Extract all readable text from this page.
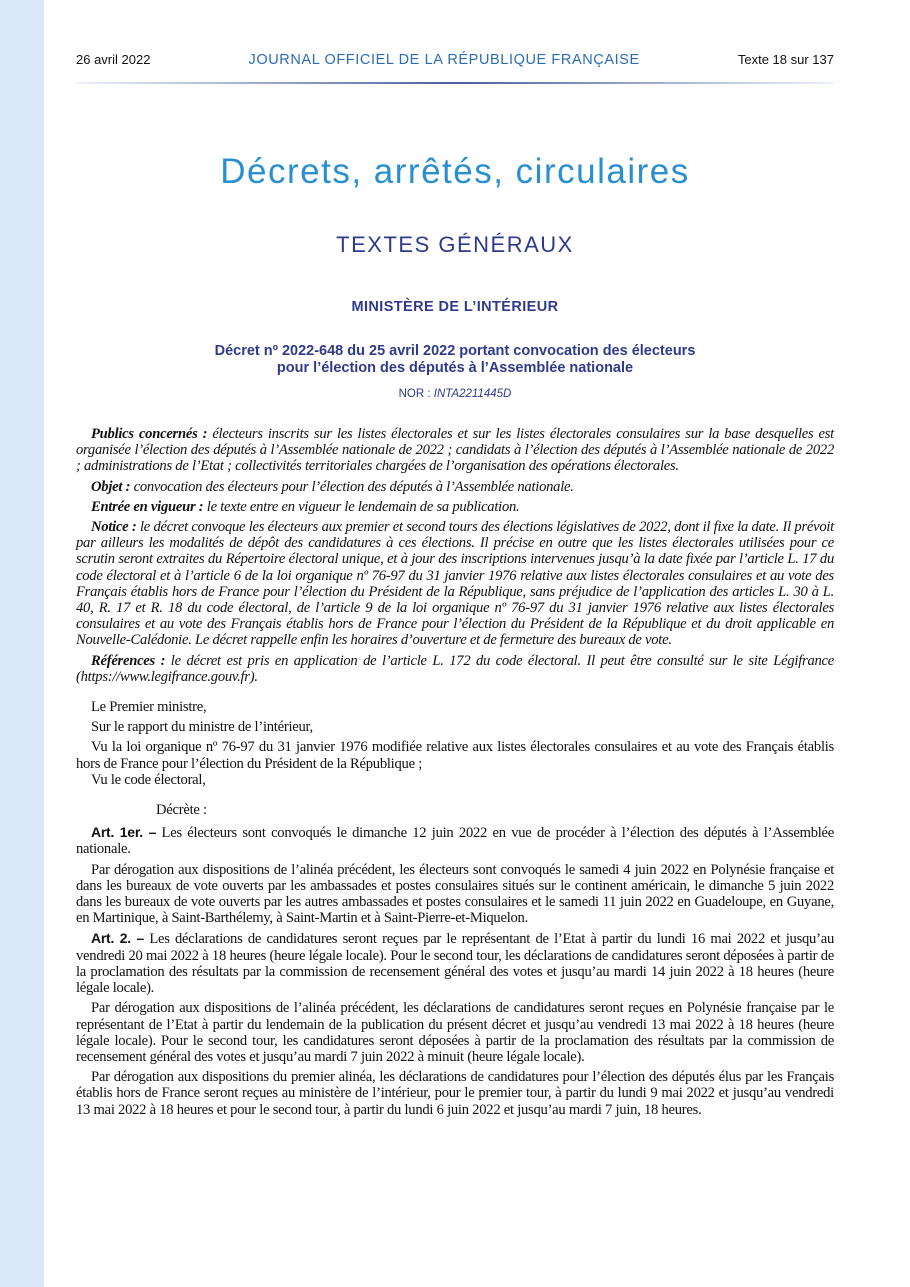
26 avril 2022	JOURNAL OFFICIEL DE LA RÉPUBLIQUE FRANÇAISE	Texte 18 sur 137
Décrets, arrêtés, circulaires
TEXTES GÉNÉRAUX
MINISTÈRE DE L’INTÉRIEUR
Décret nº 2022-648 du 25 avril 2022 portant convocation des électeurs
pour l’élection des députés à l’Assemblée nationale
NOR : INTA2211445D

Publics concernés : électeurs inscrits sur les listes électorales et sur les listes électorales consulaires sur la base desquelles est organisée l’élection des députés à l’Assemblée nationale de 2022 ; candidats à l’élection des députés à l’Assemblée nationale de 2022 ; administrations de l’Etat ; collectivités territoriales chargées de l’organisation des opérations électorales.

Objet : convocation des électeurs pour l’élection des députés à l’Assemblée nationale.

Entrée en vigueur : le texte entre en vigueur le lendemain de sa publication.

Notice : le décret convoque les électeurs aux premier et second tours des élections législatives de 2022, dont il fixe la date. Il prévoit par ailleurs les modalités de dépôt des candidatures à ces élections. Il précise en outre que les listes électorales utilisées pour ce scrutin seront extraites du Répertoire électoral unique, et à jour des inscriptions intervenues jusqu’à la date fixée par l’article L. 17 du code électoral et à l’article 6 de la loi organique nº 76-97 du 31 janvier 1976 relative aux listes électorales consulaires et au vote des Français établis hors de France pour l’élection du Président de la République, sans préjudice de l’application des articles L. 30 à L. 40, R. 17 et R. 18 du code électoral, de l’article 9 de la loi organique nº 76-97 du 31 janvier 1976 relative aux listes électorales consulaires et au vote des Français établis hors de France pour l’élection du Président de la République et du droit applicable en Nouvelle-Calédonie. Le décret rappelle enfin les horaires d’ouverture et de fermeture des bureaux de vote.

Références : le décret est pris en application de l’article L. 172 du code électoral. Il peut être consulté sur le site Légifrance (https://www.legifrance.gouv.fr).

Le Premier ministre,

Sur le rapport du ministre de l’intérieur,

Vu la loi organique nº 76-97 du 31 janvier 1976 modifiée relative aux listes électorales consulaires et au vote des Français établis hors de France pour l’élection du Président de la République ;

Vu le code électoral,

Décrète :

Art. 1er. – Les électeurs sont convoqués le dimanche 12 juin 2022 en vue de procéder à l’élection des députés à l’Assemblée nationale.

Par dérogation aux dispositions de l’alinéa précédent, les électeurs sont convoqués le samedi 4 juin 2022 en Polynésie française et dans les bureaux de vote ouverts par les ambassades et postes consulaires situés sur le continent américain, le dimanche 5 juin 2022 dans les bureaux de vote ouverts par les autres ambassades et postes consulaires et le samedi 11 juin 2022 en Guadeloupe, en Guyane, en Martinique, à Saint-Barthélemy, à Saint-Martin et à Saint-Pierre-et-Miquelon.

Art. 2. – Les déclarations de candidatures seront reçues par le représentant de l’Etat à partir du lundi 16 mai 2022 et jusqu’au vendredi 20 mai 2022 à 18 heures (heure légale locale). Pour le second tour, les déclarations de candidatures seront déposées à partir de la proclamation des résultats par la commission de recensement général des votes et jusqu’au mardi 14 juin 2022 à 18 heures (heure légale locale).

Par dérogation aux dispositions de l’alinéa précédent, les déclarations de candidatures seront reçues en Polynésie française par le représentant de l’Etat à partir du lendemain de la publication du présent décret et jusqu’au vendredi 13 mai 2022 à 18 heures (heure légale locale). Pour le second tour, les candidatures seront déposées à partir de la proclamation des résultats par la commission de recensement général des votes et jusqu’au mardi 7 juin 2022 à minuit (heure légale locale).

Par dérogation aux dispositions du premier alinéa, les déclarations de candidatures pour l’élection des députés élus par les Français établis hors de France seront reçues au ministère de l’intérieur, pour le premier tour, à partir du lundi 9 mai 2022 et jusqu’au vendredi 13 mai 2022 à 18 heures et pour le second tour, à partir du lundi 6 juin 2022 et jusqu’au mardi 7 juin, 18 heures.
